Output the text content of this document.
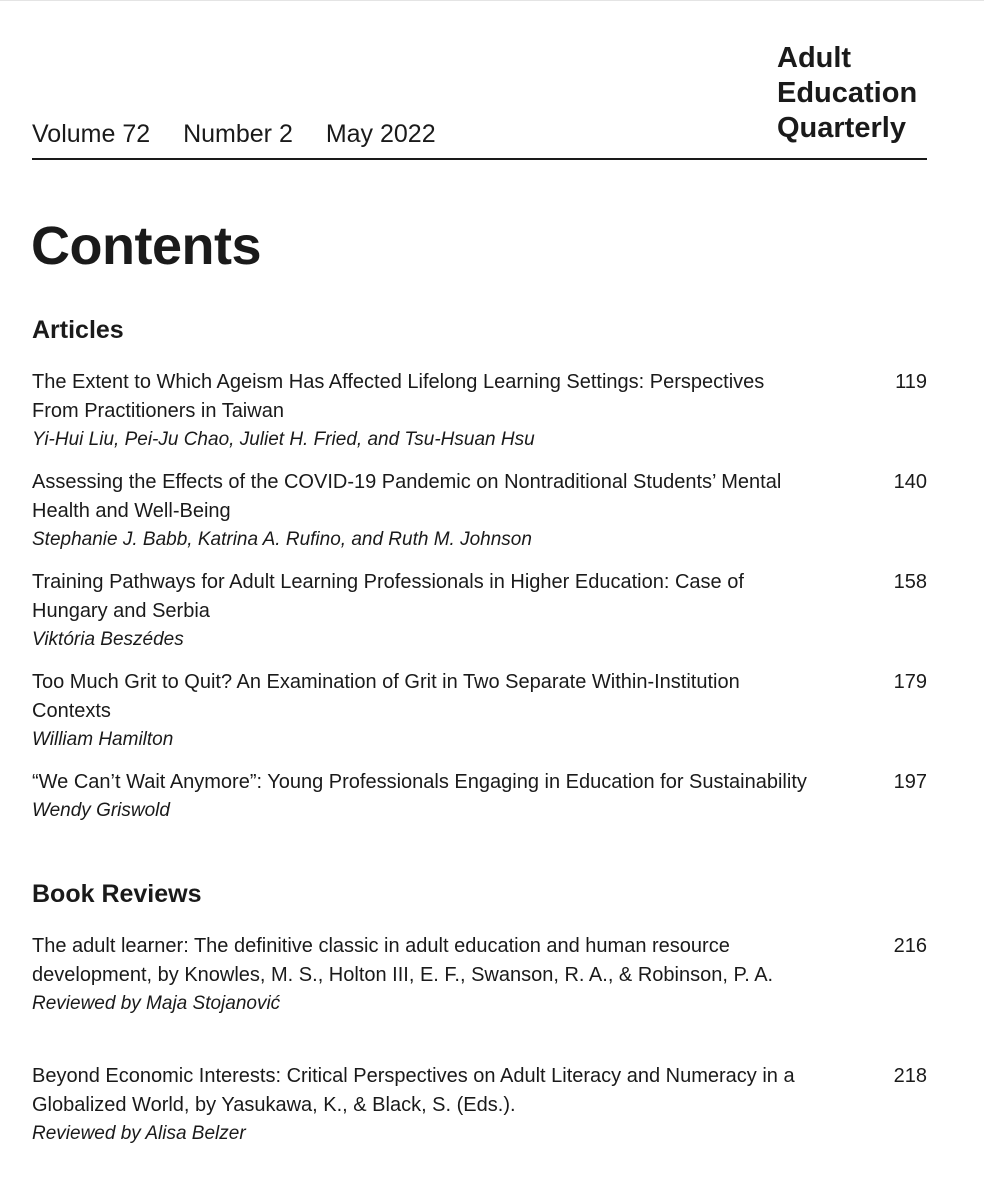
Volume 72 Number 2 May 2022
Adult
Education
Quarterly
Contents
Articles
The Extent to Which Ageism Has Affected Lifelong Learning Settings: Perspectives From Practitioners in Taiwan
Yi-Hui Liu, Pei-Ju Chao, Juliet H. Fried, and Tsu-Hsuan Hsu
119
Assessing the Effects of the COVID-19 Pandemic on Nontraditional Students’ Mental Health and Well-Being
Stephanie J. Babb, Katrina A. Rufino, and Ruth M. Johnson
140
Training Pathways for Adult Learning Professionals in Higher Education: Case of Hungary and Serbia
Viktória Beszédes
158
Too Much Grit to Quit? An Examination of Grit in Two Separate Within-Institution Contexts
William Hamilton
179
“We Can’t Wait Anymore”: Young Professionals Engaging in Education for Sustainability
Wendy Griswold
197
Book Reviews
The adult learner: The definitive classic in adult education and human resource development, by Knowles, M. S., Holton III, E. F., Swanson, R. A., & Robinson, P. A.
Reviewed by Maja Stojanović
216
Beyond Economic Interests: Critical Perspectives on Adult Literacy and Numeracy in a Globalized World, by Yasukawa, K., & Black, S. (Eds.).
Reviewed by Alisa Belzer
218
